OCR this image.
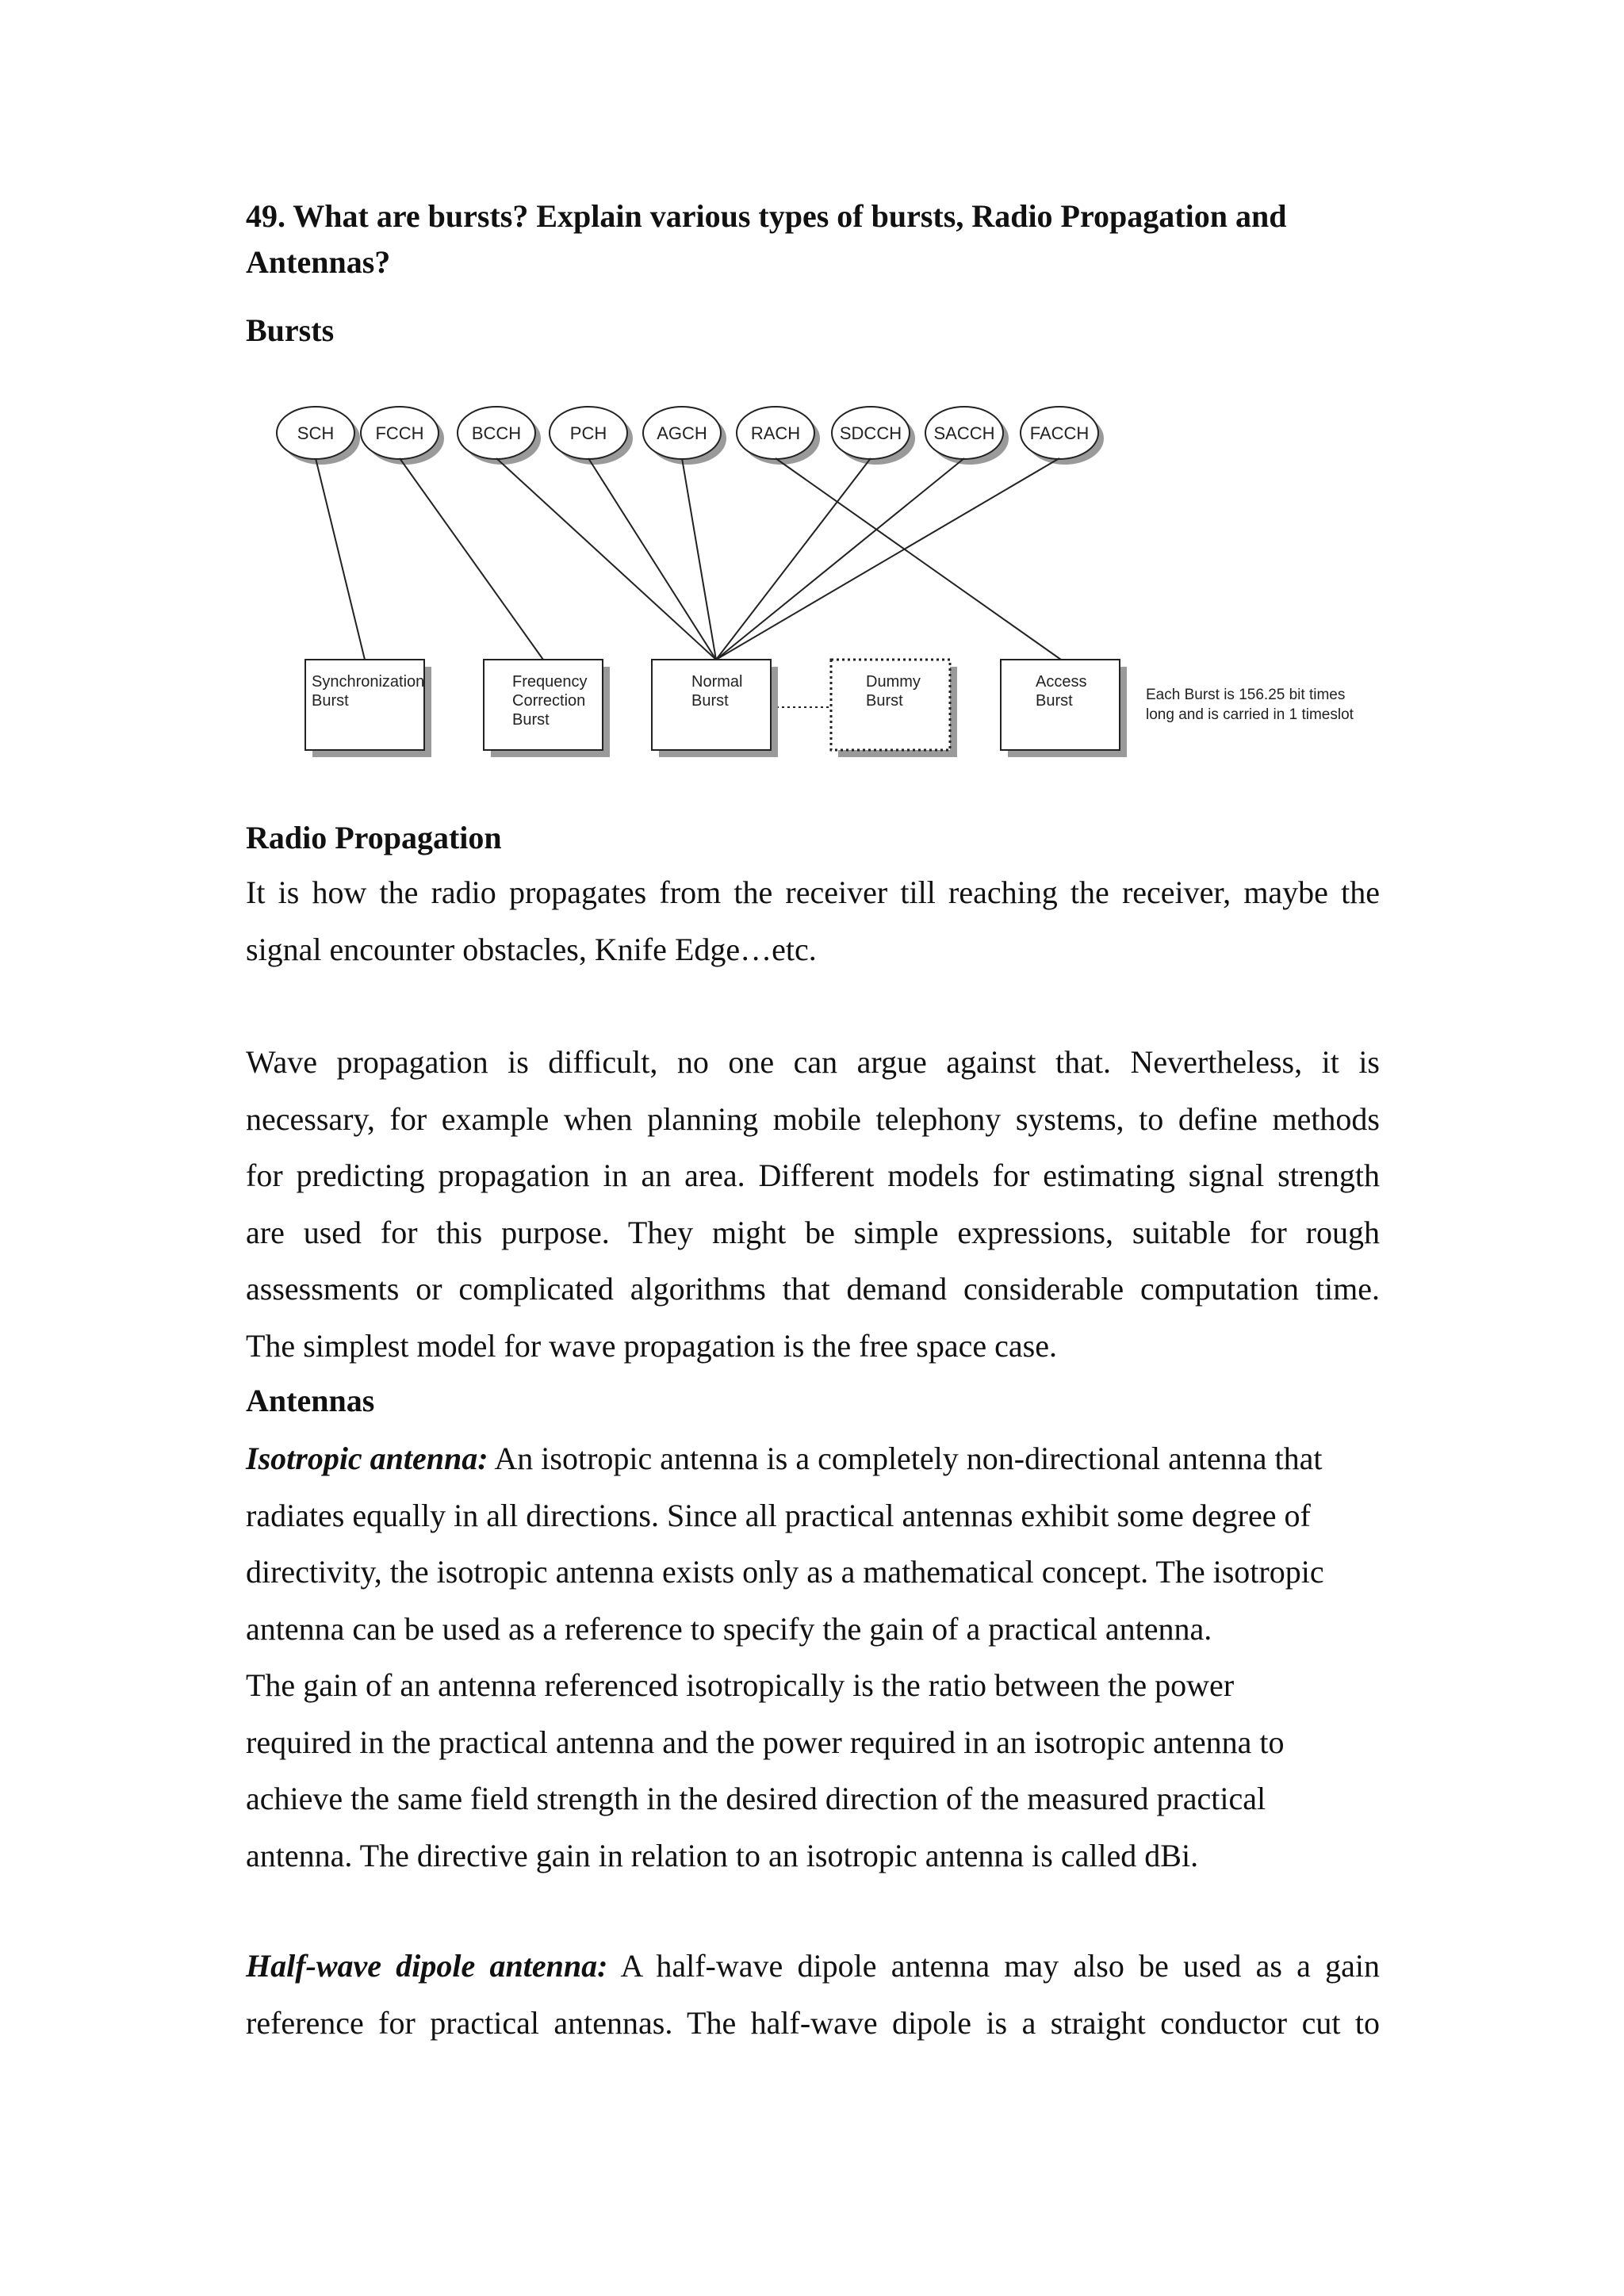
49. What are bursts? Explain various types of bursts, Radio Propagation and Antennas?
Bursts
SCH FCCH	BCCH	PCH	AGCH	RACH SDCCH SACCH FACCH
Synchronization
Burst
Frequency
Correction
Burst
Normal
Burst
Dummy
Burst
Access
Burst	Each Burst is 156.25 bit times
long and is carried in 1 timeslot
Radio Propagation
It is how the radio propagates from the receiver till reaching the receiver, maybe the
signal encounter obstacles, Knife Edge…etc.
Wave propagation is difficult, no one can argue against that. Nevertheless, it is
necessary, for example when planning mobile telephony systems, to define methods
for predicting propagation in an area. Different models for estimating signal strength
are used for this purpose. They might be simple expressions, suitable for rough
assessments or complicated algorithms that demand considerable computation time.
The simplest model for wave propagation is the free space case.
Antennas
Isotropic antenna: An isotropic antenna is a completely non-directional antenna that
radiates equally in all directions. Since all practical antennas exhibit some degree of
directivity, the isotropic antenna exists only as a mathematical concept. The isotropic
antenna can be used as a reference to specify the gain of a practical antenna.
The gain of an antenna referenced isotropically is the ratio between the power
required in the practical antenna and the power required in an isotropic antenna to
achieve the same field strength in the desired direction of the measured practical
antenna. The directive gain in relation to an isotropic antenna is called dBi.
Half-wave dipole antenna: A half-wave dipole antenna may also be used as a gain
reference for practical antennas. The half-wave dipole is a straight conductor cut to
